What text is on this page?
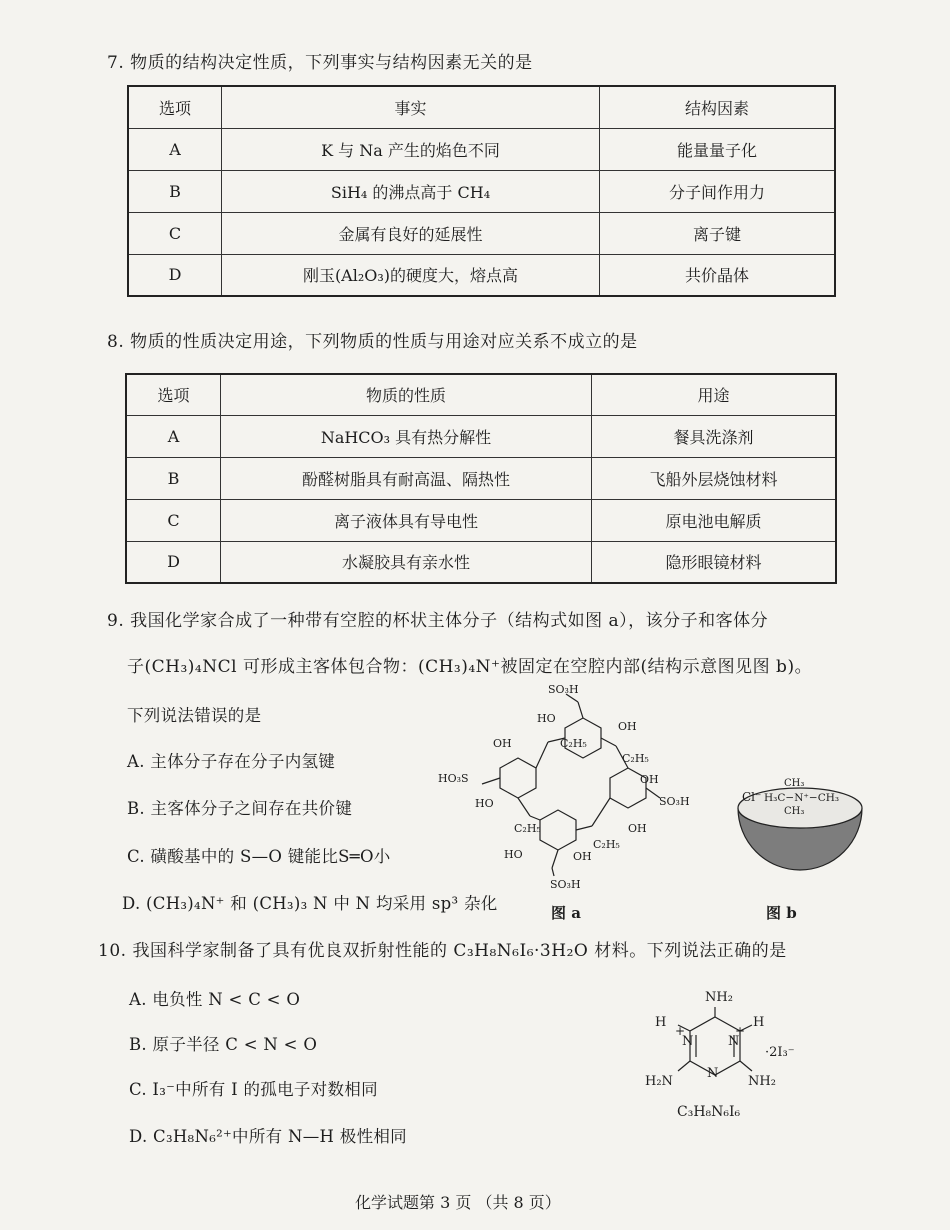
7. 物质的结构决定性质，下列事实与结构因素无关的是
选项	事实	结构因素
A	K 与 Na 产生的焰色不同	能量量子化
B	SiH₄ 的沸点高于 CH₄	分子间作用力
C	金属有良好的延展性	离子键
D	刚玉(Al₂O₃)的硬度大，熔点高	共价晶体
8. 物质的性质决定用途，下列物质的性质与用途对应关系不成立的是
选项	物质的性质	用途
A	NaHCO₃ 具有热分解性	餐具洗涤剂
B	酚醛树脂具有耐高温、隔热性	飞船外层烧蚀材料
C	离子液体具有导电性	原电池电解质
D	水凝胶具有亲水性	隐形眼镜材料
9. 我国化学家合成了一种带有空腔的杯状主体分子（结构式如图 a），该分子和客体分
子(CH₃)₄NCl 可形成主客体包合物：(CH₃)₄N⁺被固定在空腔内部(结构示意图见图 b)。
下列说法错误的是
A. 主体分子存在分子内氢键
B. 主客体分子之间存在共价键
C. 磺酸基中的 S—O 键能比S═O小
D. (CH₃)₄N⁺ 和 (CH₃)₃ N 中 N 均采用 sp³ 杂化
SO₃H
HO
OH
OH	C₂H₅
C₂H₅
HO₃S	OH
HO	SO₃H
C₂H₅	OH
C₂H₅
HO	OH
SO₃H
图 a
Cl⁻
CH₃
H₃C−N⁺−CH₃
CH₃
图 b
10. 我国科学家制备了具有优良双折射性能的 C₃H₈N₆I₆·3H₂O 材料。下列说法正确的是
A. 电负性 N < C < O
B. 原子半径 C < N < O
C. I₃⁻中所有 I 的孤电子对数相同
D. C₃H₈N₆²⁺中所有 N—H 极性相同
NH₂
H
+	+
H
N	N
·2I₃⁻
N
H₂N	NH₂
C₃H₈N₆I₆
化学试题第 3 页 （共 8 页）
